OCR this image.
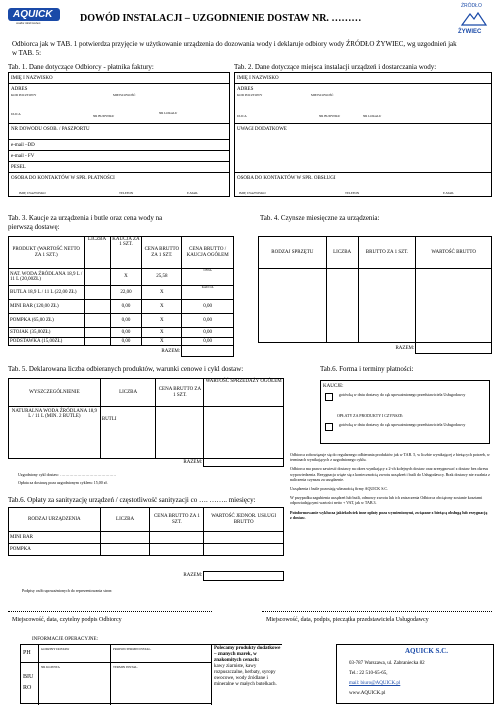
AQUICK
wodne mistrzostwo	DOWÓD INSTALACJI – UZGODNIENIE DOSTAW NR. ………
ŹRÓDŁO
ŻYWIEC
Odbiorca jak w TAB. 1 potwierdza przyjęcie w użytkowanie urządzenia do dozowania wody i deklaruje odbiory wody ŹRÓDŁO ŻYWIEC, wg uzgodnień jak w TAB. 5:
Tab. 1. Dane dotyczące Odbiorcy - płatnika faktury:
IMIĘ I NAZWISKO
ADRES
KOD POCZTOWY	MIEJSCOWOŚĆ
ULICA	NR BUDYNKU
NR LOKALU
NR DOWODU OSOB. / PASZPORTU
e-mail –DD
e-mail - FV
PESEL
OSOBA DO KONTAKTÓW W SPR. PŁATNOŚCI
IMIĘ I NAZWISKO	TELEFON	E-MAIL
Tab. 2. Dane dotyczące miejsca instalacji urządzeń i dostarczania wody:
IMIĘ I NAZWISKO
ADRES
KOD POCZTOWY	MIEJSCOWOŚĆ
ULICA	NR BUDYNKU	NR LOKALU
UWAGI DODATKOWE
OSOBA DO KONTAKTÓW W SPR. OBSŁUGI
IMIĘ I NAZWISKO	TELEFON	E-MAIL
Tab. 3. Kaucje za urządzenia i butle oraz cena wody na
pierwszą dostawę:
PRODUKT (WARTOŚĆ NETTO ZA 1 SZT.)	LICZBA	KAUCJA ZA 1 SZT.	CENA BRUTTO ZA 1 SZT.	CENA BRUTTO / KAUCJA OGÓŁEM
NAT. WODA ŹRÓDLANA 18,9 L / 11 L (20,00ZŁ)		X	25,58	CENA
BUTLA 18,9 L / 11 L (22,00 ZŁ)		22,00	X	KAUCJA
MINI BAR (120,00 ZŁ)		0,00	X	0,00
POMPKA (65,00 ZŁ)		0,00	X	0,00
STOJAK (35,00ZŁ)		0,00	X	0,00
PODSTAWKA (15,00ZŁ)		0,00	X	0,00
RAZEM:				
Tab. 4. Czynsze miesięczne za urządzenia:
RODZAJ SPRZĘTU	LICZBA	BRUTTO ZA 1 SZT.	WARTOŚĆ BRUTTO

RAZEM:			
Tab. 5. Deklarowana liczba odbieranych produktów, warunki cenowe i cykl dostaw:
WYSZCZEGÓLNIENIE	LICZBA	CENA BRUTTO ZA 1 SZT.	WARTOŚĆ SPRZEDAŻY OGÓŁEM
NATURALNA WODA ŹRÓDLANA 18,9 L / 11 L (MIN. 2 BUTLE)	BUTLI		
RAZEM:			
Uzgodniony cykl dostaw: ……………………………………
Opłata za dostawę poza uzgodnionym cyklem: 15,00 zł.
Tab.6. Forma i terminy płatności:
KAUCJE:
gotówką w dniu dostawy do rąk upoważnionego przedstawiciela Usługodawcy
OPŁATY ZA PRODUKTY I CZYNSZE:
gotówką w dniu dostawy do rąk upoważnionego przedstawiciela Usługodawcy

Odbiorca zobowiązuje się do regularnego odbierania produktów jak w TAB. 5, w liczbie wynikającej z bieżących potrzeb, w terminach wynikających z uzgodnionego cyklu.

Odbiorca ma prawo zawiesić dostawy na okres wynikający z 2-ch kolejnych dostaw oraz zrezygnować z dostaw bez okresu wypowiedzenia. Rezygnacja wiąże się z koniecznością zwrotu urządzeń i butli do Usługodawcy. Brak dostawy nie zwalnia z naliczenia czynszu za urządzenie.

Urządzenia i butle pozostają własnością firmy AQUICK S.C.

W przypadku zagubienia urządzeń lub butli, odmowy zwrotu lub ich zniszczenia Odbiorca obciążony zostanie kosztami odpowiadającymi wartości netto + VAT, jak w TAB.3.

Poinformowanie wyklucza jakiekolwiek inne opłaty poza wymienionymi, związane z bieżącą obsługą lub rezygnacją z dostaw.

Tab.6. Opłaty za sanityzację urządzeń / częstotliwość sanityzacji co …. …….. miesięcy:
RODZAJ URZĄDZENIA	LICZBA	CENA BRUTTO ZA 1 SZT.	WARTOŚĆ JEDNOR. USŁUGI BRUTTO
MINI BAR			
POMPKA			

RAZEM:			
Podpisy osób upoważnionych do reprezentowania stron:
Miejscowość, data, czytelny podpis Odbiorcy	Miejscowość, data, podpis, pieczątka przedstawiciela Usługodawcy
INFORMACJE OPERACYJNE:
PH
GODZINY DOSTAW	PROPON.TERMIN INSTAL.
BIU
RO
NR KLIENTA	TERMIN INSTAL.

Polecamy produkty dodatkowe – znanych marek, w znakomitych cenach:

kawy ziarniste, kawy rozpuszczalne, herbaty, syropy owocowe, wody źródlane i mineralne w małych butelkach.

AQUICK S.C.
03-787 Warszawa, ul. Zabraniecka 82
Tel.: 22 510-65-65,
mail: biuro@AQUICK.pl
www.AQUICK.pl
